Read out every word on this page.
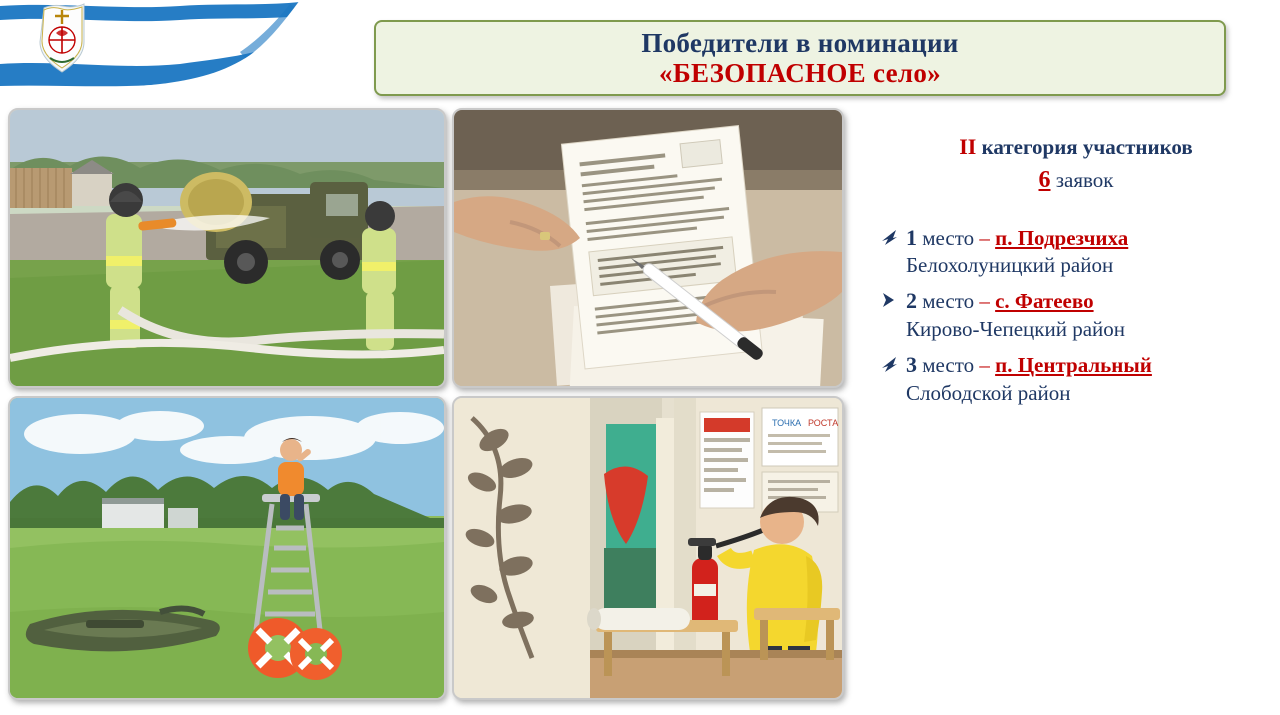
Победители в номинации
«БЕЗОПАСНОЕ село»
ТОЧКА РОСТА
II категория участников
6 заявок
1 место – п. Подрезчиха
Белохолуницкий район
2 место – с. Фатеево
Кирово-Чепецкий район
3 место – п. Центральный
Слободской район
